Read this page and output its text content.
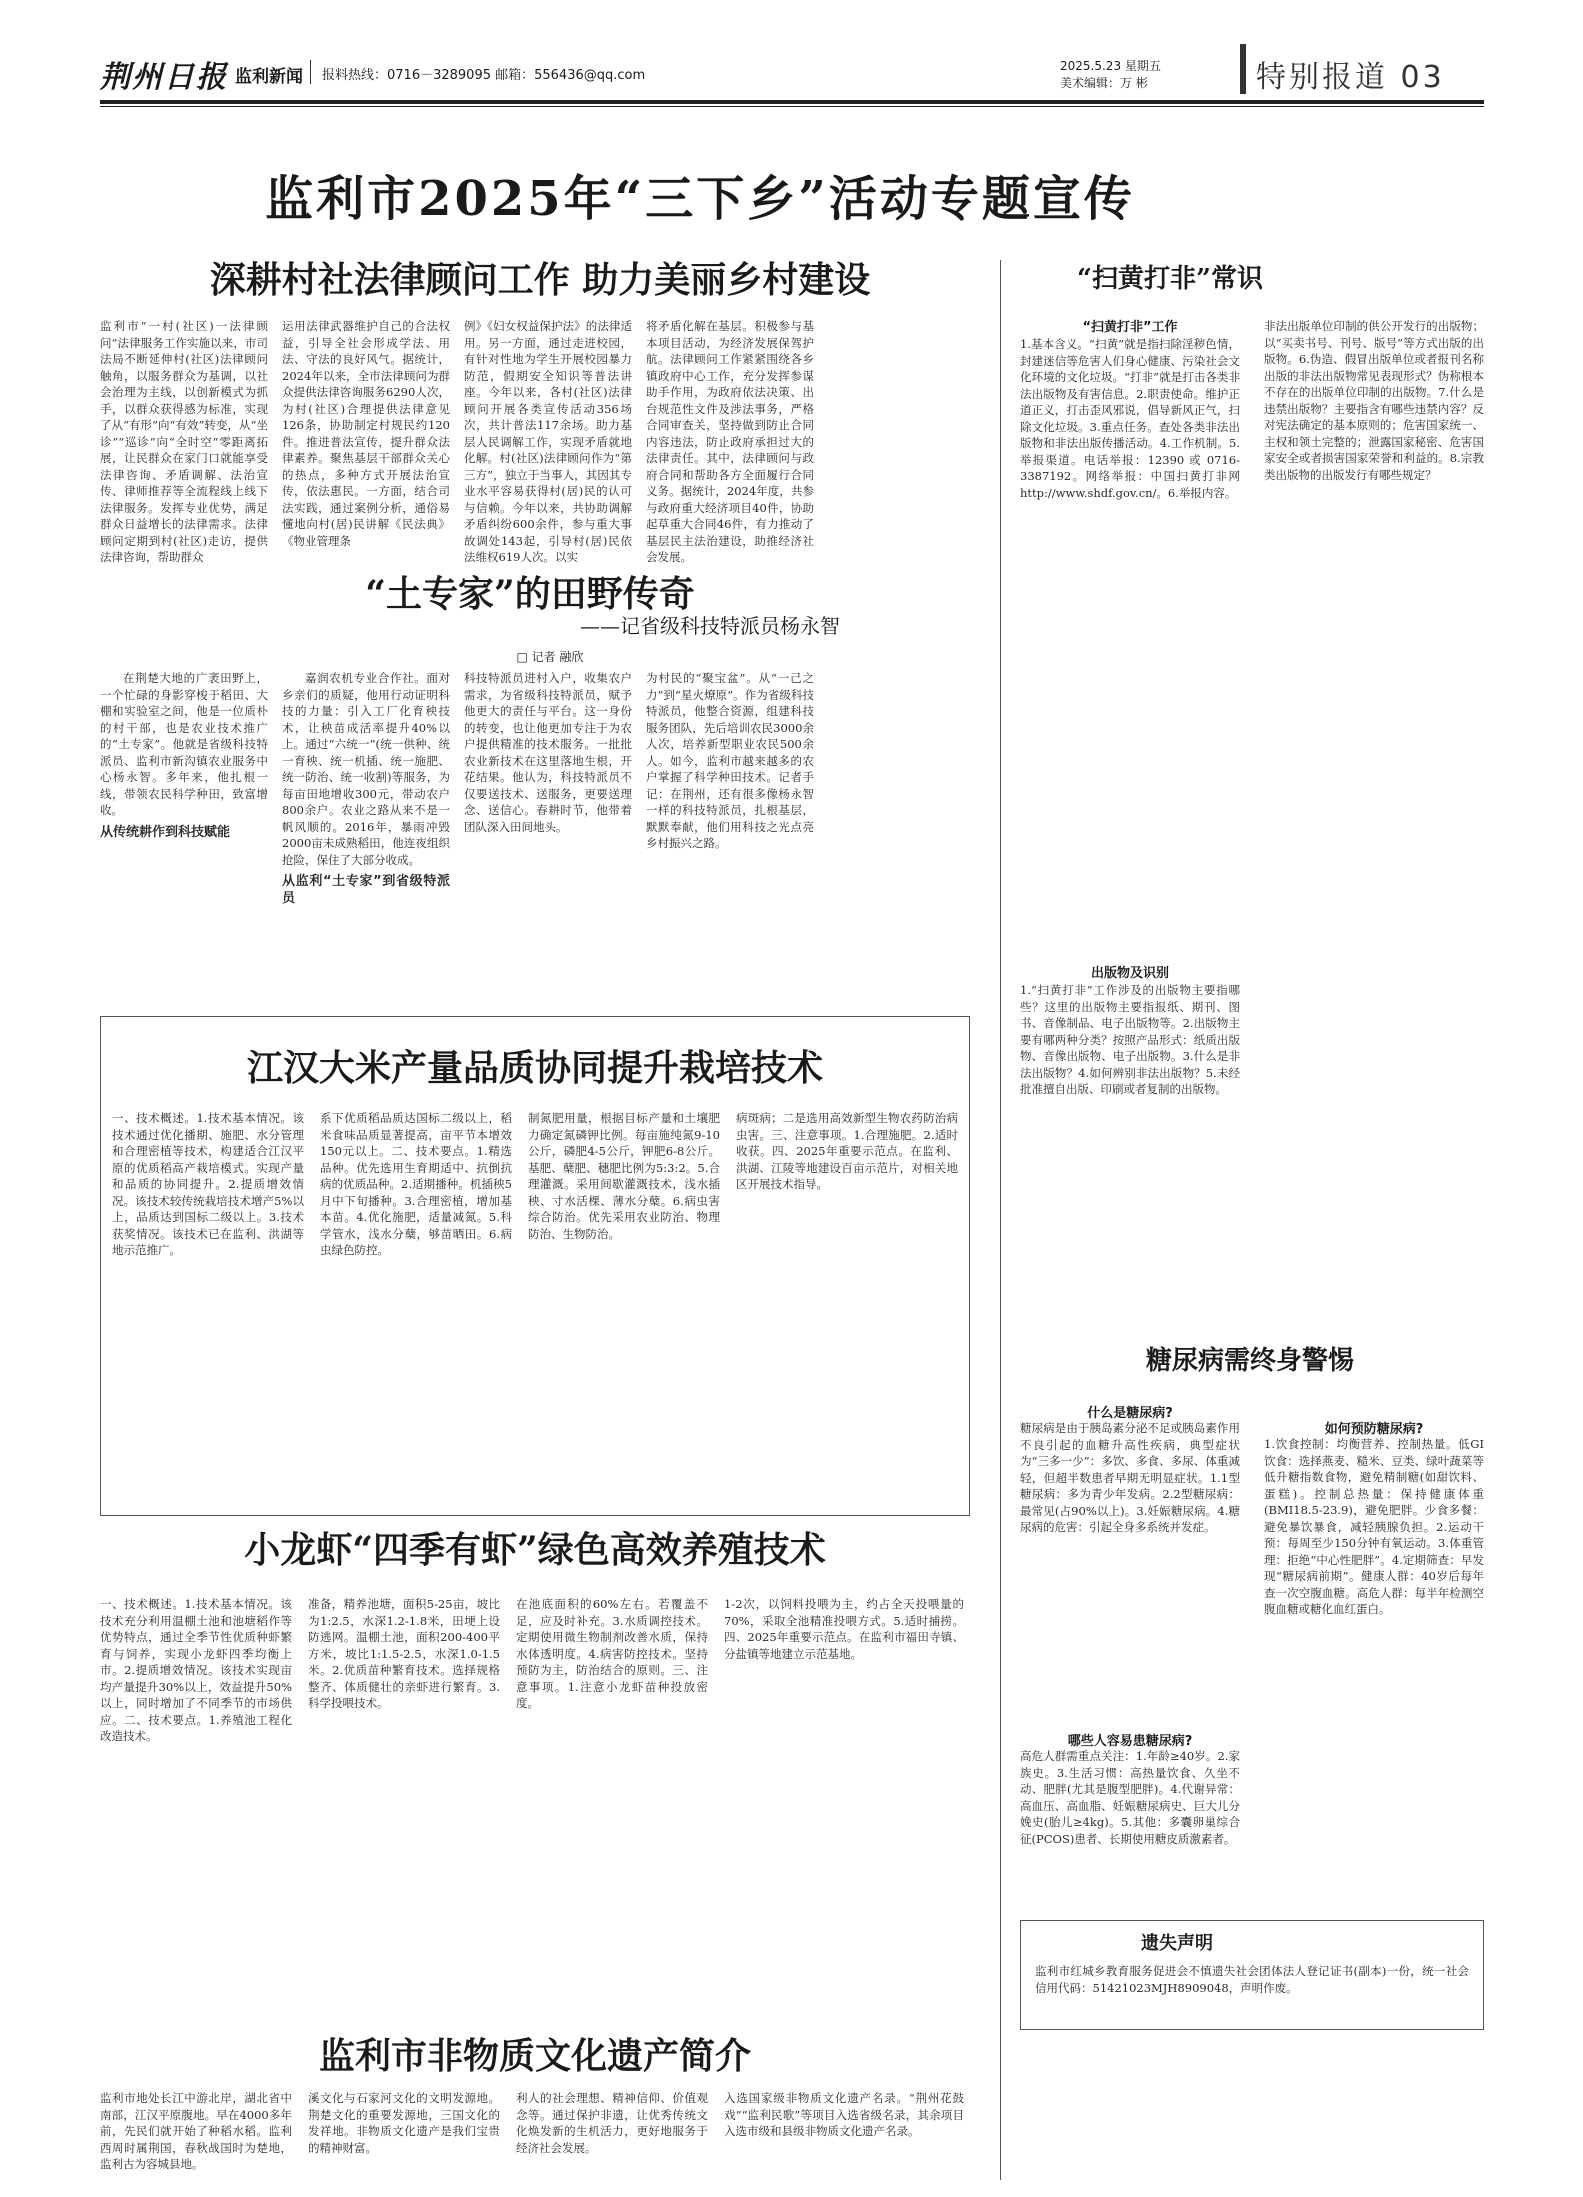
荆州日报 监利新闻 报料热线：0716－3289095 邮箱：556436@qq.com
2025.5.23 星期五
美术编辑：万 彬	特别报道 03
监利市2025年“三下乡”活动专题宣传
深耕村社法律顾问工作 助力美丽乡村建设
监利市“一村(社区)一法律顾问”法律服务工作实施以来，市司法局不断延伸村(社区)法律顾问触角，以服务群众为基调，以社会治理为主线，以创新模式为抓手，以群众获得感为标准，实现了从“有形”向“有效”转变，从“坐诊”“巡诊”向“全时空”零距离拓展，让民群众在家门口就能享受法律咨询、矛盾调解、法治宣传、律师推荐等全流程线上线下法律服务。发挥专业优势，满足群众日益增长的法律需求。法律顾问定期到村(社区)走访，提供法律咨询，帮助群众
运用法律武器维护自己的合法权益，引导全社会形成学法、用法、守法的良好风气。据统计，2024年以来，全市法律顾问为群众提供法律咨询服务6290人次，为村(社区)合理提供法律意见126条，协助制定村规民约120件。推进普法宣传，提升群众法律素养。聚焦基层干部群众关心的热点，多种方式开展法治宣传，依法惠民。一方面，结合司法实践，通过案例分析，通俗易懂地向村(居)民讲解《民法典》《物业管理条
例》《妇女权益保护法》的法律适用。另一方面，通过走进校园，有针对性地为学生开展校园暴力防范，假期安全知识等普法讲座。今年以来，各村(社区)法律顾问开展各类宣传活动356场次，共计普法117余场。助力基层人民调解工作，实现矛盾就地化解。村(社区)法律顾问作为“第三方”，独立于当事人，其因其专业水平容易获得村(居)民的认可与信赖。今年以来，共协助调解矛盾纠纷600余件，参与重大事故调处143起，引导村(居)民依法维权619人次。以实
将矛盾化解在基层。积极参与基本项目活动，为经济发展保驾护航。法律顾问工作紧紧围绕各乡镇政府中心工作，充分发挥参谋助手作用，为政府依法决策、出台规范性文件及涉法事务，严格合同审查关，坚持做到防止合同内容违法，防止政府承担过大的法律责任。其中，法律顾问与政府合同和帮助各方全面履行合同义务。据统计，2024年度，共参与政府重大经济项目40件，协助起草重大合同46件，有力推动了基层民主法治建设，助推经济社会发展。
“土专家”的田野传奇
——记省级科技特派员杨永智
□ 记者 融欣

在荆楚大地的广袤田野上，一个忙碌的身影穿梭于稻田、大棚和实验室之间，他是一位质朴的村干部，也是农业技术推广的“土专家”。他就是省级科技特派员、监利市新沟镇农业服务中心杨永智。多年来，他扎根一线，带领农民科学种田，致富增收。

从传统耕作到科技赋能

嘉润农机专业合作社。面对乡亲们的质疑，他用行动证明科技的力量：引入工厂化育秧技术，让秧苗成活率提升40%以上。通过“六统一”(统一供种、统一育秧、统一机插、统一施肥、统一防治、统一收割)等服务，为每亩田地增收300元，带动农户800余户。农业之路从来不是一帆风顺的。2016年，暴雨冲毁2000亩未成熟稻田，他连夜组织抢险，保住了大部分收成。

从监利“土专家”到省级特派员
科技特派员进村入户，收集农户需求，为省级科技特派员，赋予他更大的责任与平台。这一身份的转变，也让他更加专注于为农户提供精准的技术服务。一批批农业新技术在这里落地生根，开花结果。他认为，科技特派员不仅要送技术、送服务，更要送理念、送信心。春耕时节，他带着团队深入田间地头。
为村民的“聚宝盆”。从“一己之力”到“星火燎原”。作为省级科技特派员，他整合资源，组建科技服务团队，先后培训农民3000余人次，培养新型职业农民500余人。如今，监利市越来越多的农户掌握了科学种田技术。记者手记：在荆州，还有很多像杨永智一样的科技特派员，扎根基层，默默奉献，他们用科技之光点亮乡村振兴之路。
江汉大米产量品质协同提升栽培技术
一、技术概述。1.技术基本情况。该技术通过优化播期、施肥、水分管理和合理密植等技术，构建适合江汉平原的优质稻高产栽培模式。实现产量和品质的协同提升。2.提质增效情况。该技术较传统栽培技术增产5%以上，品质达到国标二级以上。3.技术获奖情况。该技术已在监利、洪湖等地示范推广。
系下优质稻品质达国标二级以上，稻米食味品质显著提高，亩平节本增效150元以上。二、技术要点。1.精选品种。优先选用生育期适中、抗倒抗病的优质品种。2.适期播种。机插秧5月中下旬播种。3.合理密植，增加基本苗。4.优化施肥，适量减氮。5.科学管水，浅水分蘖，够苗晒田。6.病虫绿色防控。
制氮肥用量，根据目标产量和土壤肥力确定氮磷钾比例。每亩施纯氮9-10公斤，磷肥4-5公斤，钾肥6-8公斤。基肥、蘖肥、穗肥比例为5:3:2。5.合理灌溉。采用间歇灌溉技术，浅水插秧、寸水活棵、薄水分蘖。6.病虫害综合防治。优先采用农业防治、物理防治、生物防治。
病斑病；二是选用高效新型生物农药防治病虫害。三、注意事项。1.合理施肥。2.适时收获。四、2025年重要示范点。在监利、洪湖、江陵等地建设百亩示范片，对相关地区开展技术指导。
小龙虾“四季有虾”绿色高效养殖技术
一、技术概述。1.技术基本情况。该技术充分利用温棚土池和池塘稻作等优势特点，通过全季节性优质种虾繁育与饲养，实现小龙虾四季均衡上市。2.提质增效情况。该技术实现亩均产量提升30%以上，效益提升50%以上，同时增加了不同季节的市场供应。二、技术要点。1.养殖池工程化改造技术。
准备，精养池塘，面积5-25亩，坡比为1:2.5，水深1.2-1.8米，田埂上设防逃网。温棚土池，面积200-400平方米，坡比1:1.5-2.5，水深1.0-1.5米。2.优质苗种繁育技术。选择规格整齐、体质健壮的亲虾进行繁育。3.科学投喂技术。
在池底面积的60%左右。若覆盖不足，应及时补充。3.水质调控技术。定期使用微生物制剂改善水质，保持水体透明度。4.病害防控技术。坚持预防为主，防治结合的原则。三、注意事项。1.注意小龙虾苗种投放密度。
1-2次，以饲料投喂为主，约占全天投喂量的70%，采取全池精准投喂方式。5.适时捕捞。四、2025年重要示范点。在监利市福田寺镇、分盐镇等地建立示范基地。
监利市非物质文化遗产简介
监利市地处长江中游北岸，湖北省中南部，江汉平原腹地。早在4000多年前，先民们就开始了种稻水稻。监利西周时属荆国，春秋战国时为楚地，监利古为容城县地。
溪文化与石家河文化的文明发源地。荆楚文化的重要发源地，三国文化的发祥地。非物质文化遗产是我们宝贵的精神财富。
利人的社会理想、精神信仰、价值观念等。通过保护非遗，让优秀传统文化焕发新的生机活力，更好地服务于经济社会发展。
入选国家级非物质文化遗产名录。“荆州花鼓戏”“监利民歌”等项目入选省级名录，其余项目入选市级和县级非物质文化遗产名录。
“扫黄打非”常识
“扫黄打非”工作
1.基本含义。“扫黄”就是指扫除淫秽色情，封建迷信等危害人们身心健康、污染社会文化环境的文化垃圾。“打非”就是打击各类非法出版物及有害信息。2.职责使命。维护正道正义，打击歪风邪说，倡导新风正气，扫除文化垃圾。3.重点任务。查处各类非法出版物和非法出版传播活动。4.工作机制。5.举报渠道。电话举报：12390 或 0716-3387192。网络举报：中国扫黄打非网 http://www.shdf.gov.cn/。6.举报内容。
非法出版单位印制的供公开发行的出版物；以“买卖书号、刊号、版号”等方式出版的出版物。6.伪造、假冒出版单位或者报刊名称出版的非法出版物常见表现形式？伪称根本不存在的出版单位印制的出版物。7.什么是违禁出版物？主要指含有哪些违禁内容？反对宪法确定的基本原则的；危害国家统一、主权和领土完整的；泄露国家秘密、危害国家安全或者损害国家荣誉和利益的。8.宗教类出版物的出版发行有哪些规定？
出版物及识别
1.“扫黄打非”工作涉及的出版物主要指哪些？这里的出版物主要指报纸、期刊、图书、音像制品、电子出版物等。2.出版物主要有哪两种分类？按照产品形式：纸质出版物、音像出版物、电子出版物。3.什么是非法出版物？4.如何辨别非法出版物？5.未经批准擅自出版、印刷或者复制的出版物。
糖尿病需终身警惕
什么是糖尿病?
糖尿病是由于胰岛素分泌不足或胰岛素作用不良引起的血糖升高性疾病，典型症状为“三多一少”：多饮、多食、多尿、体重减轻，但超半数患者早期无明显症状。1.1型糖尿病：多为青少年发病。2.2型糖尿病：最常见(占90%以上)。3.妊娠糖尿病。4.糖尿病的危害：引起全身多系统并发症。
哪些人容易患糖尿病?
高危人群需重点关注：1.年龄≥40岁。2.家族史。3.生活习惯：高热量饮食、久坐不动、肥胖(尤其是腹型肥胖)。4.代谢异常：高血压、高血脂、妊娠糖尿病史、巨大儿分娩史(胎儿≥4kg)。5.其他：多囊卵巢综合征(PCOS)患者、长期使用糖皮质激素者。
如何预防糖尿病?
1.饮食控制：均衡营养、控制热量。低GI饮食：选择燕麦、糙米、豆类、绿叶蔬菜等低升糖指数食物，避免精制糖(如甜饮料、蛋糕)。控制总热量：保持健康体重(BMI18.5-23.9)，避免肥胖。少食多餐：避免暴饮暴食，减轻胰腺负担。2.运动干预：每周至少150分钟有氧运动。3.体重管理：拒绝“中心性肥胖”。4.定期筛查：早发现“糖尿病前期”。健康人群：40岁后每年查一次空腹血糖。高危人群：每半年检测空腹血糖或糖化血红蛋白。
遗失声明
监利市红城乡教育服务促进会不慎遗失社会团体法人登记证书(副本)一份，统一社会信用代码：51421023MJH8909048，声明作废。
